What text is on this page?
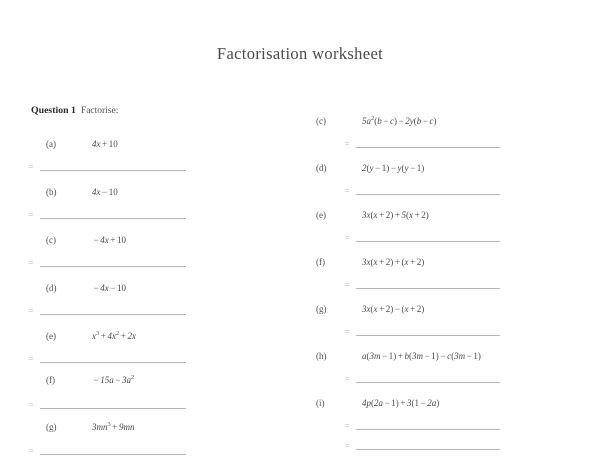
Factorisation worksheet
Question 1 Factorise:
(a)	4x + 10
=
(b)	4x − 10
=
(c)	− 4x + 10
=
(d)	− 4x − 10
=
(e)	$x^3 + 4x^2 + 2x$
=
(f)	− $15a - 3a^2$
=
(g)	$3mn^3 + 9mn$
=
(c)	$5a^2(b - c) - 2y(b - c)$
=
(d)	2(y − 1) − y(y − 1)
=
(e)	3x(x + 2) + 5(x + 2)
=
(f)	3x(x + 2) + (x + 2)
=
(g)	3x(x + 2) − (x + 2)
=
(h)	a(3m − 1) + b(3m − 1) − c(3m − 1)
=
(i)	4p(2a − 1) + 3(1 − 2a)
=
=
